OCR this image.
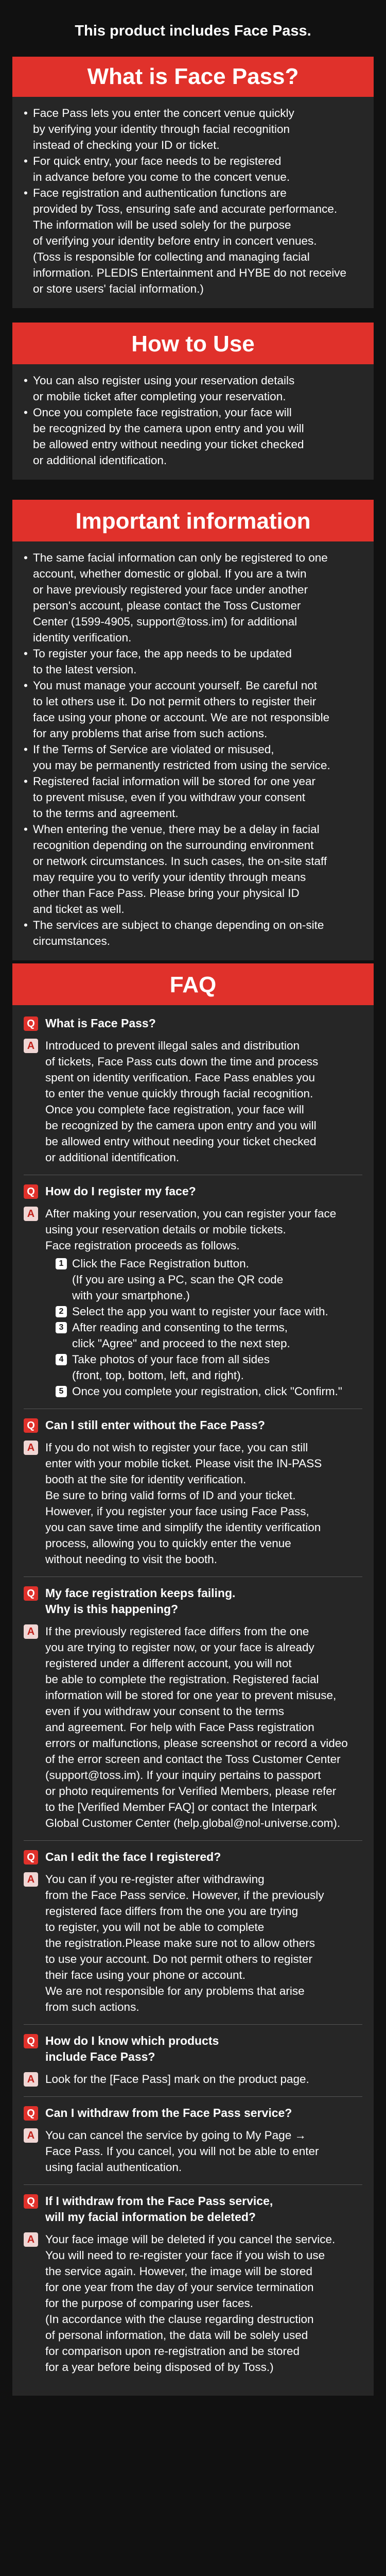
This product includes Face Pass.
What is Face Pass?

• Face Pass lets you enter the concert venue quickly
by verifying your identity through facial recognition
instead of checking your ID or ticket.

• For quick entry, your face needs to be registered
in advance before you come to the concert venue.

• Face registration and authentication functions are
provided by Toss, ensuring safe and accurate performance.
The information will be used solely for the purpose
of verifying your identity before entry in concert venues.
(Toss is responsible for collecting and managing facial
information. PLEDIS Entertainment and HYBE do not receive
or store users' facial information.)

How to Use

• You can also register using your reservation details
or mobile ticket after completing your reservation.

• Once you complete face registration, your face will
be recognized by the camera upon entry and you will
be allowed entry without needing your ticket checked
or additional identification.

Important information

• The same facial information can only be registered to one
account, whether domestic or global. If you are a twin
or have previously registered your face under another
person's account, please contact the Toss Customer
Center (1599-4905, support@toss.im) for additional
identity verification.

• To register your face, the app needs to be updated
to the latest version.

• You must manage your account yourself. Be careful not
to let others use it. Do not permit others to register their
face using your phone or account. We are not responsible
for any problems that arise from such actions.

• If the Terms of Service are violated or misused,
you may be permanently restricted from using the service.

• Registered facial information will be stored for one year
to prevent misuse, even if you withdraw your consent
to the terms and agreement.

• When entering the venue, there may be a delay in facial
recognition depending on the surrounding environment
or network circumstances. In such cases, the on-site staff
may require you to verify your identity through means
other than Face Pass. Please bring your physical ID
and ticket as well.

• The services are subject to change depending on on-site
circumstances.

FAQ
Q What is Face Pass?
A Introduced to prevent illegal sales and distribution
of tickets, Face Pass cuts down the time and process
spent on identity verification. Face Pass enables you
to enter the venue quickly through facial recognition.
Once you complete face registration, your face will
be recognized by the camera upon entry and you will
be allowed entry without needing your ticket checked
or additional identification.
Q How do I register my face?
A After making your reservation, you can register your face
using your reservation details or mobile tickets.
Face registration proceeds as follows.
1 Click the Face Registration button.
(If you are using a PC, scan the QR code
with your smartphone.)
2 Select the app you want to register your face with.
3 After reading and consenting to the terms,
click "Agree" and proceed to the next step.
4 Take photos of your face from all sides
(front, top, bottom, left, and right).
5 Once you complete your registration, click "Confirm."
Q Can I still enter without the Face Pass?
A If you do not wish to register your face, you can still
enter with your mobile ticket. Please visit the IN-PASS
booth at the site for identity verification.
Be sure to bring valid forms of ID and your ticket.
However, if you register your face using Face Pass,
you can save time and simplify the identity verification
process, allowing you to quickly enter the venue
without needing to visit the booth.
Q My face registration keeps failing.
Why is this happening?
A If the previously registered face differs from the one
you are trying to register now, or your face is already
registered under a different account, you will not
be able to complete the registration. Registered facial
information will be stored for one year to prevent misuse,
even if you withdraw your consent to the terms
and agreement. For help with Face Pass registration
errors or malfunctions, please screenshot or record a video
of the error screen and contact the Toss Customer Center
(support@toss.im). If your inquiry pertains to passport
or photo requirements for Verified Members, please refer
to the [Verified Member FAQ] or contact the Interpark
Global Customer Center (help.global@nol-universe.com).
Q Can I edit the face I registered?
A You can if you re-register after withdrawing
from the Face Pass service. However, if the previously
registered face differs from the one you are trying
to register, you will not be able to complete
the registration.Please make sure not to allow others
to use your account. Do not permit others to register
their face using your phone or account.
We are not responsible for any problems that arise
from such actions.
Q How do I know which products
include Face Pass?
A Look for the [Face Pass] mark on the product page.
Q Can I withdraw from the Face Pass service?
A You can cancel the service by going to My Page →
Face Pass. If you cancel, you will not be able to enter
using facial authentication.
Q If I withdraw from the Face Pass service,
will my facial information be deleted?
A Your face image will be deleted if you cancel the service.
You will need to re-register your face if you wish to use
the service again. However, the image will be stored
for one year from the day of your service termination
for the purpose of comparing user faces.
(In accordance with the clause regarding destruction
of personal information, the data will be solely used
for comparison upon re-registration and be stored
for a year before being disposed of by Toss.)
